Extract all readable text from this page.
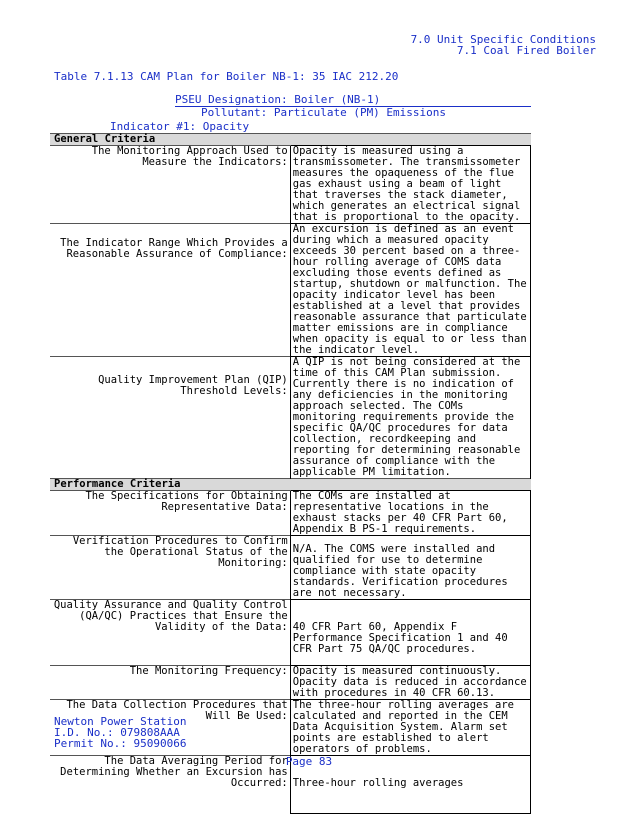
7.0 Unit Specific Conditions
7.1 Coal Fired Boiler
Table 7.1.13 CAM Plan for Boiler NB-1: 35 IAC 212.20
PSEU Designation: Boiler (NB-1)
Pollutant: Particulate (PM) Emissions
Indicator #1: Opacity
General Criteria	
The Monitoring Approach Used to Measure the Indicators:	Opacity is measured using a transmissometer. The transmissometer measures the opaqueness of the flue gas exhaust using a beam of light that traverses the stack diameter, which generates an electrical signal that is proportional to the opacity.

The Indicator Range Which Provides a Reasonable Assurance of Compliance:	An excursion is defined as an event during which a measured opacity exceeds 30 percent based on a three-hour rolling average of COMS data excluding those events defined as startup, shutdown or malfunction. The opacity indicator level has been established at a level that provides reasonable assurance that particulate matter emissions are in compliance when opacity is equal to or less than the indicator level.

Quality Improvement Plan (QIP) Threshold Levels:	A QIP is not being considered at the time of this CAM Plan submission. Currently there is no indication of any deficiencies in the monitoring approach selected. The COMs monitoring requirements provide the specific QA/QC procedures for data collection, recordkeeping and reporting for determining reasonable assurance of compliance with the applicable PM limitation.

Performance Criteria	
The Specifications for Obtaining Representative Data:	The COMs are installed at representative locations in the exhaust stacks per 40 CFR Part 60, Appendix B PS-1 requirements.

Verification Procedures to Confirm the Operational Status of the Monitoring:	N/A. The COMS were installed and qualified for use to determine compliance with state opacity standards. Verification procedures are not necessary.

Quality Assurance and Quality Control (QA/QC) Practices that Ensure the Validity of the Data:	40 CFR Part 60, Appendix F Performance Specification 1 and 40 CFR Part 75 QA/QC procedures.

The Monitoring Frequency:	Opacity is measured continuously. Opacity data is reduced in accordance with procedures in 40 CFR 60.13.

The Data Collection Procedures that Will Be Used:	The three-hour rolling averages are calculated and reported in the CEM Data Acquisition System. Alarm set points are established to alert operators of problems.

The Data Averaging Period for Determining Whether an Excursion has Occurred:	Three-hour rolling averages
Newton Power Station
I.D. No.: 079808AAA
Permit No.: 95090066
Page 83
